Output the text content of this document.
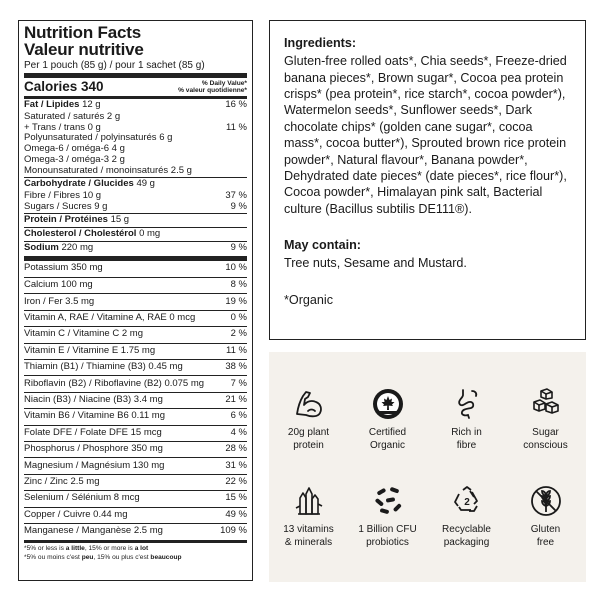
Nutrition Facts
Valeur nutritive
Per 1 pouch (85 g) / pour 1 sachet (85 g)
Calories 340	% Daily Value*
% valeur quotidienne*
Fat / Lipides 12 g	16 %
Saturated / saturés 2 g
+ Trans / trans 0 g	11 %
Polyunsaturated / polyinsaturés 6 g
Omega-6 / oméga-6 4 g
Omega-3 / oméga-3 2 g
Monounsaturated / monoinsaturés 2.5 g
Carbohydrate / Glucides 49 g
Fibre / Fibres 10 g	37 %
Sugars / Sucres 9 g	9 %
Protein / Protéines 15 g
Cholesterol / Cholestérol 0 mg
Sodium 220 mg	9 %
Potassium 350 mg	10 %
Calcium 100 mg	8 %
Iron / Fer 3.5 mg	19 %
Vitamin A, RAE / Vitamine A, RAE 0 mcg	0 %
Vitamin C / Vitamine C 2 mg	2 %
Vitamin E / Vitamine E 1.75 mg	11 %
Thiamin (B1) / Thiamine (B3) 0.45 mg	38 %
Riboflavin (B2) / Riboflavine (B2) 0.075 mg	7 %
Niacin (B3) / Niacine (B3) 3.4 mg	21 %
Vitamin B6 / Vitamine B6 0.11 mg	6 %
Folate DFE / Folate DFE 15 mcg	4 %
Phosphorus / Phosphore 350 mg	28 %
Magnesium / Magnésium 130 mg	31 %
Zinc / Zinc 2.5 mg	22 %
Selenium / Sélénium 8 mcg	15 %
Copper / Cuivre 0.44 mg	49 %
Manganese / Manganèse 2.5 mg	109 %
*5% or less is a little, 15% or more is a lot
*5% ou moins c'est peu, 15% ou plus c'est beaucoup
Ingredients:

Gluten-free rolled oats*, Chia seeds*, Freeze-dried banana pieces*, Brown sugar*, Cocoa pea protein crisps* (pea protein*, rice starch*, cocoa powder*), Watermelon seeds*, Sunflower seeds*, Dark chocolate chips* (golden cane sugar*, cocoa mass*, cocoa butter*), Sprouted brown rice protein powder*, Natural flavour*, Banana powder*, Dehydrated date pieces* (date pieces*, rice flour*), Cocoa powder*, Himalayan pink salt, Bacterial culture (Bacillus subtilis DE111®).

May contain:

Tree nuts, Sesame and Mustard.

*Organic
20g plant
protein
Certified
Organic
Rich in
fibre
Sugar
conscious
13 vitamins
& minerals
1 Billion CFU
probiotics
2
Recyclable
packaging
Gluten
free
